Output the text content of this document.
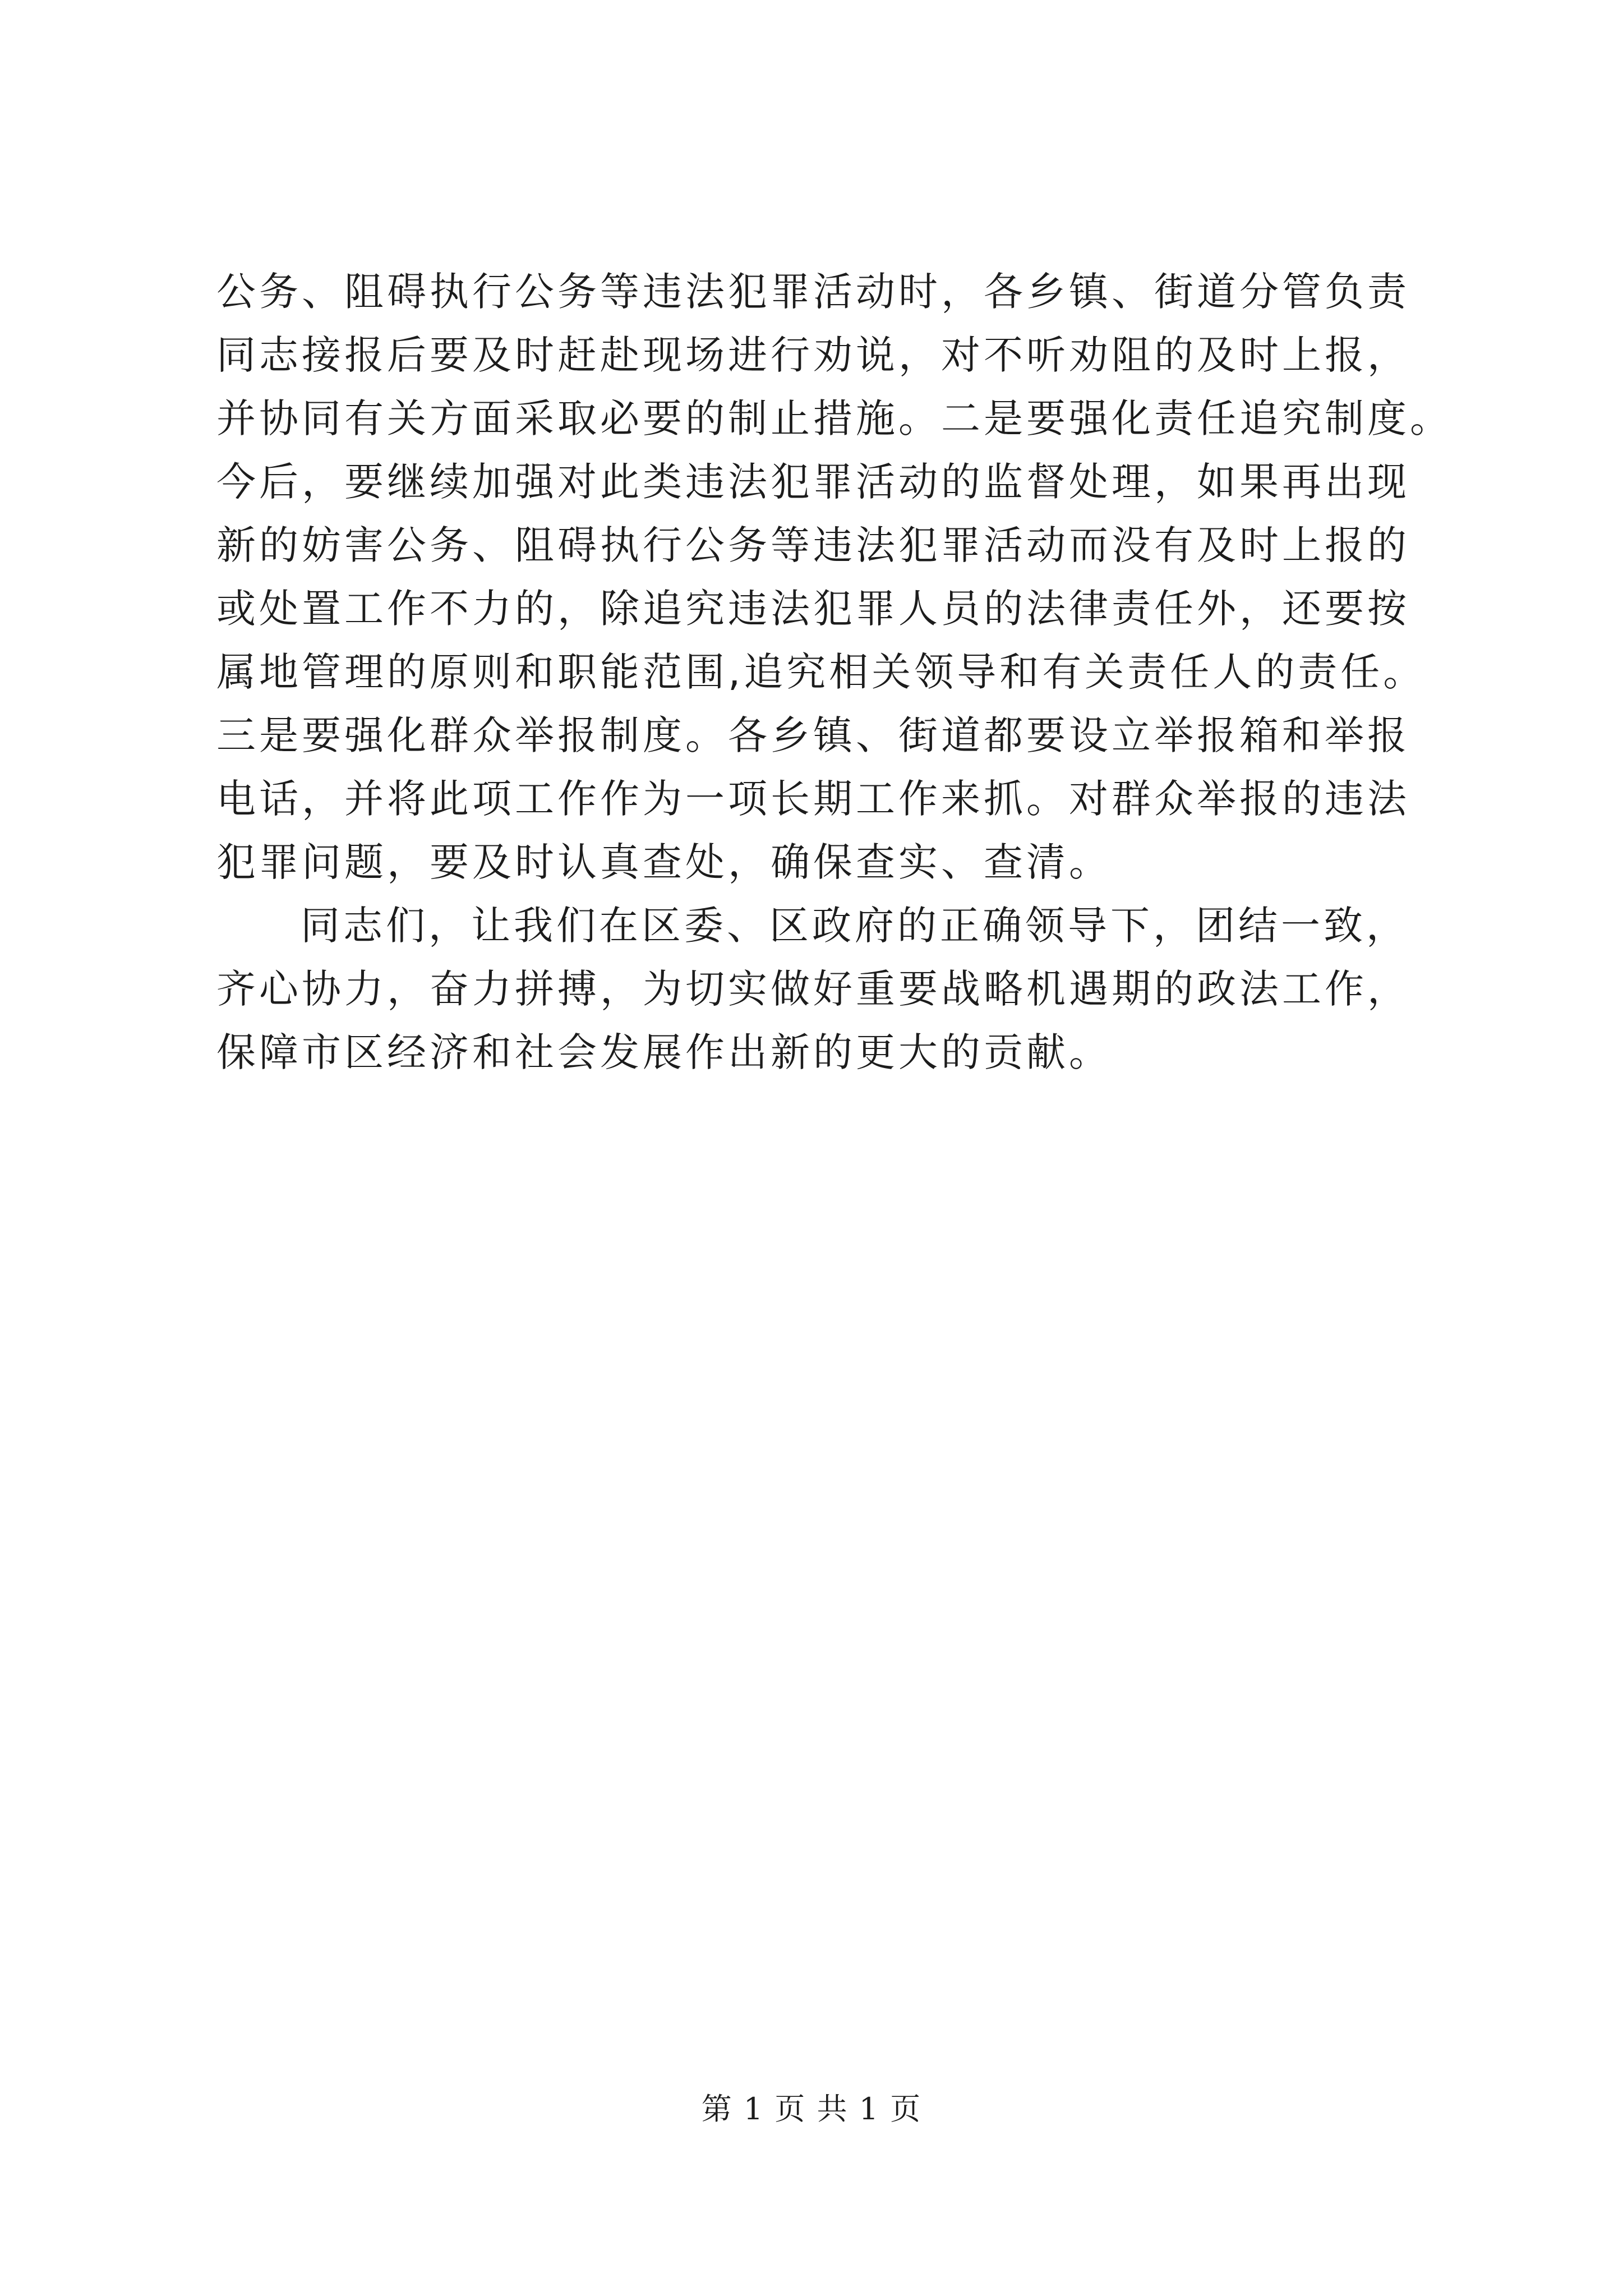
公务、阻碍执行公务等违法犯罪活动时，各乡镇、街道分管负责
同志接报后要及时赶赴现场进行劝说，对不听劝阻的及时上报，
并协同有关方面采取必要的制止措施。二是要强化责任追究制度。
今后，要继续加强对此类违法犯罪活动的监督处理，如果再出现
新的妨害公务、阻碍执行公务等违法犯罪活动而没有及时上报的
或处置工作不力的，除追究违法犯罪人员的法律责任外，还要按
属地管理的原则和职能范围,追究相关领导和有关责任人的责任。
三是要强化群众举报制度。各乡镇、街道都要设立举报箱和举报
电话，并将此项工作作为一项长期工作来抓。对群众举报的违法
犯罪问题，要及时认真查处，确保查实、查清。
同志们，让我们在区委、区政府的正确领导下，团结一致，
齐心协力，奋力拼搏，为切实做好重要战略机遇期的政法工作，
保障市区经济和社会发展作出新的更大的贡献。
第 1 页 共 1 页
